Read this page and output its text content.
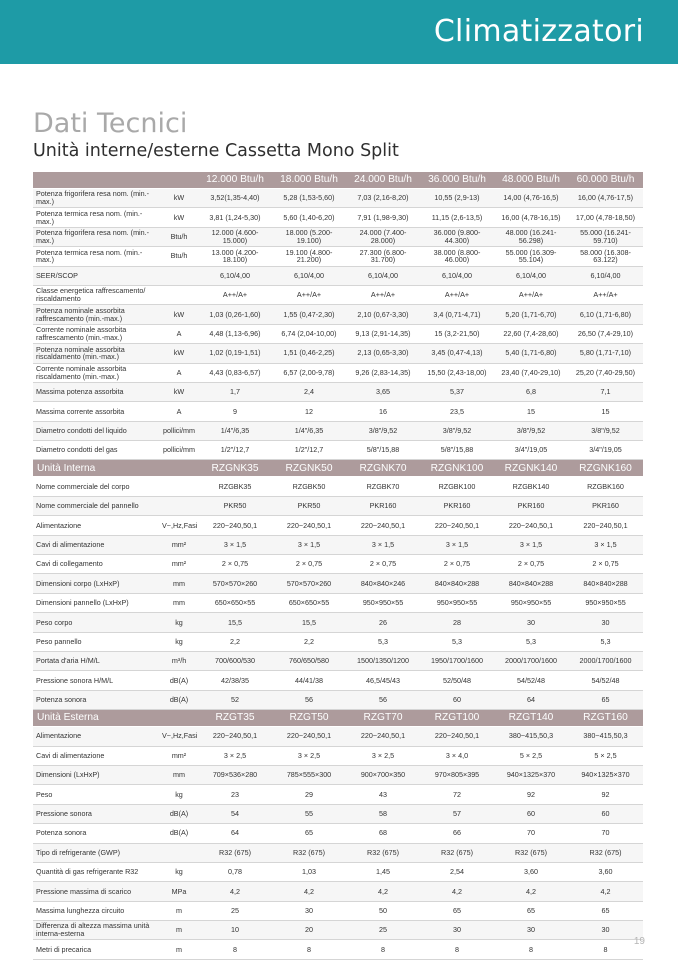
Climatizzatori
Dati Tecnici
Unità interne/esterne Cassetta Mono Split
		12.000 Btu/h	18.000 Btu/h	24.000 Btu/h	36.000 Btu/h	48.000 Btu/h	60.000 Btu/h
Potenza frigorifera resa nom. (min.-max.)	kW	3,52(1,35-4,40)	5,28 (1,53-5,60)	7,03 (2,16-8,20)	10,55 (2,9-13)	14,00 (4,76-16,5)	16,00 (4,76-17,5)
Potenza termica resa nom. (min.-max.)	kW	3,81 (1,24-5,30)	5,60 (1,40-6,20)	7,91 (1,98-9,30)	11,15 (2,6-13,5)	16,00 (4,78-16,15)	17,00 (4,78-18,50)
Potenza frigorifera resa nom. (min.-max.)	Btu/h	12.000 (4.600-15.000)	18.000 (5.200-19.100)	24.000 (7.400-28.000)	36.000 (9.800-44.300)	48.000 (16.241-56.298)	55.000 (16.241-59.710)
Potenza termica resa nom. (min.-max.)	Btu/h	13.000 (4.200-18.100)	19.100 (4.800-21.200)	27.300 (6.800-31.700)	38.000 (8.800-46.000)	55.000 (16.309-55.104)	58.000 (16.308-63.122)
SEER/SCOP		6,10/4,00	6,10/4,00	6,10/4,00	6,10/4,00	6,10/4,00	6,10/4,00
Classe energetica raffrescamento/ riscaldamento		A++/A+	A++/A+	A++/A+	A++/A+	A++/A+	A++/A+
Potenza nominale assorbita raffrescamento (min.-max.)	kW	1,03 (0,26-1,60)	1,55 (0,47-2,30)	2,10 (0,67-3,30)	3,4 (0,71-4,71)	5,20 (1,71-6,70)	6,10 (1,71-6,80)
Corrente nominale assorbita raffrescamento (min.-max.)	A	4,48 (1,13-6,96)	6,74 (2,04-10,00)	9,13 (2,91-14,35)	15 (3,2-21,50)	22,60 (7,4-28,60)	26,50 (7,4-29,10)
Potenza nominale assorbita riscaldamento (min.-max.)	kW	1,02 (0,19-1,51)	1,51 (0,46-2,25)	2,13 (0,65-3,30)	3,45 (0,47-4,13)	5,40 (1,71-6,80)	5,80 (1,71-7,10)
Corrente nominale assorbita riscaldamento (min.-max.)	A	4,43 (0,83-6,57)	6,57 (2,00-9,78)	9,26 (2,83-14,35)	15,50 (2,43-18,00)	23,40 (7,40-29,10)	25,20 (7,40-29,50)
Massima potenza assorbita	kW	1,7	2,4	3,65	5,37	6,8	7,1
Massima corrente assorbita	A	9	12	16	23,5	15	15
Diametro condotti del liquido	pollici/mm	1/4"/6,35	1/4"/6,35	3/8"/9,52	3/8"/9,52	3/8"/9,52	3/8"/9,52
Diametro condotti del gas	pollici/mm	1/2"/12,7	1/2"/12,7	5/8"/15,88	5/8"/15,88	3/4"/19,05	3/4"/19,05
Unità Interna		RZGNK35	RZGNK50	RZGNK70	RZGNK100	RZGNK140	RZGNK160
Nome commerciale del corpo		RZGBK35	RZGBK50	RZGBK70	RZGBK100	RZGBK140	RZGBK160
Nome commerciale del pannello		PKR50	PKR50	PKR160	PKR160	PKR160	PKR160
Alimentazione	V~,Hz,Fasi	220~240,50,1	220~240,50,1	220~240,50,1	220~240,50,1	220~240,50,1	220~240,50,1
Cavi di alimentazione	mm²	3 × 1,5	3 × 1,5	3 × 1,5	3 × 1,5	3 × 1,5	3 × 1,5
Cavi di collegamento	mm²	2 × 0,75	2 × 0,75	2 × 0,75	2 × 0,75	2 × 0,75	2 × 0,75
Dimensioni corpo (LxHxP)	mm	570×570×260	570×570×260	840×840×246	840×840×288	840×840×288	840×840×288
Dimensioni pannello (LxHxP)	mm	650×650×55	650×650×55	950×950×55	950×950×55	950×950×55	950×950×55
Peso corpo	kg	15,5	15,5	26	28	30	30
Peso pannello	kg	2,2	2,2	5,3	5,3	5,3	5,3
Portata d'aria H/M/L	m³/h	700/600/530	760/650/580	1500/1350/1200	1950/1700/1600	2000/1700/1600	2000/1700/1600
Pressione sonora H/M/L	dB(A)	42/38/35	44/41/38	46,5/45/43	52/50/48	54/52/48	54/52/48
Potenza sonora	dB(A)	52	56	56	60	64	65
Unità Esterna		RZGT35	RZGT50	RZGT70	RZGT100	RZGT140	RZGT160
Alimentazione	V~,Hz,Fasi	220~240,50,1	220~240,50,1	220~240,50,1	220~240,50,1	380~415,50,3	380~415,50,3
Cavi di alimentazione	mm²	3 × 2,5	3 × 2,5	3 × 2,5	3 × 4,0	5 × 2,5	5 × 2,5
Dimensioni (LxHxP)	mm	709×536×280	785×555×300	900×700×350	970×805×395	940×1325×370	940×1325×370
Peso	kg	23	29	43	72	92	92
Pressione sonora	dB(A)	54	55	58	57	60	60
Potenza sonora	dB(A)	64	65	68	66	70	70
Tipo di refrigerante (GWP)		R32 (675)	R32 (675)	R32 (675)	R32 (675)	R32 (675)	R32 (675)
Quantità di gas refrigerante R32	kg	0,78	1,03	1,45	2,54	3,60	3,60
Pressione massima di scarico	MPa	4,2	4,2	4,2	4,2	4,2	4,2
Massima lunghezza circuito	m	25	30	50	65	65	65
Differenza di altezza massima unità interna-esterna	m	10	20	25	30	30	30
Metri di precarica	m	8	8	8	8	8	8
19
